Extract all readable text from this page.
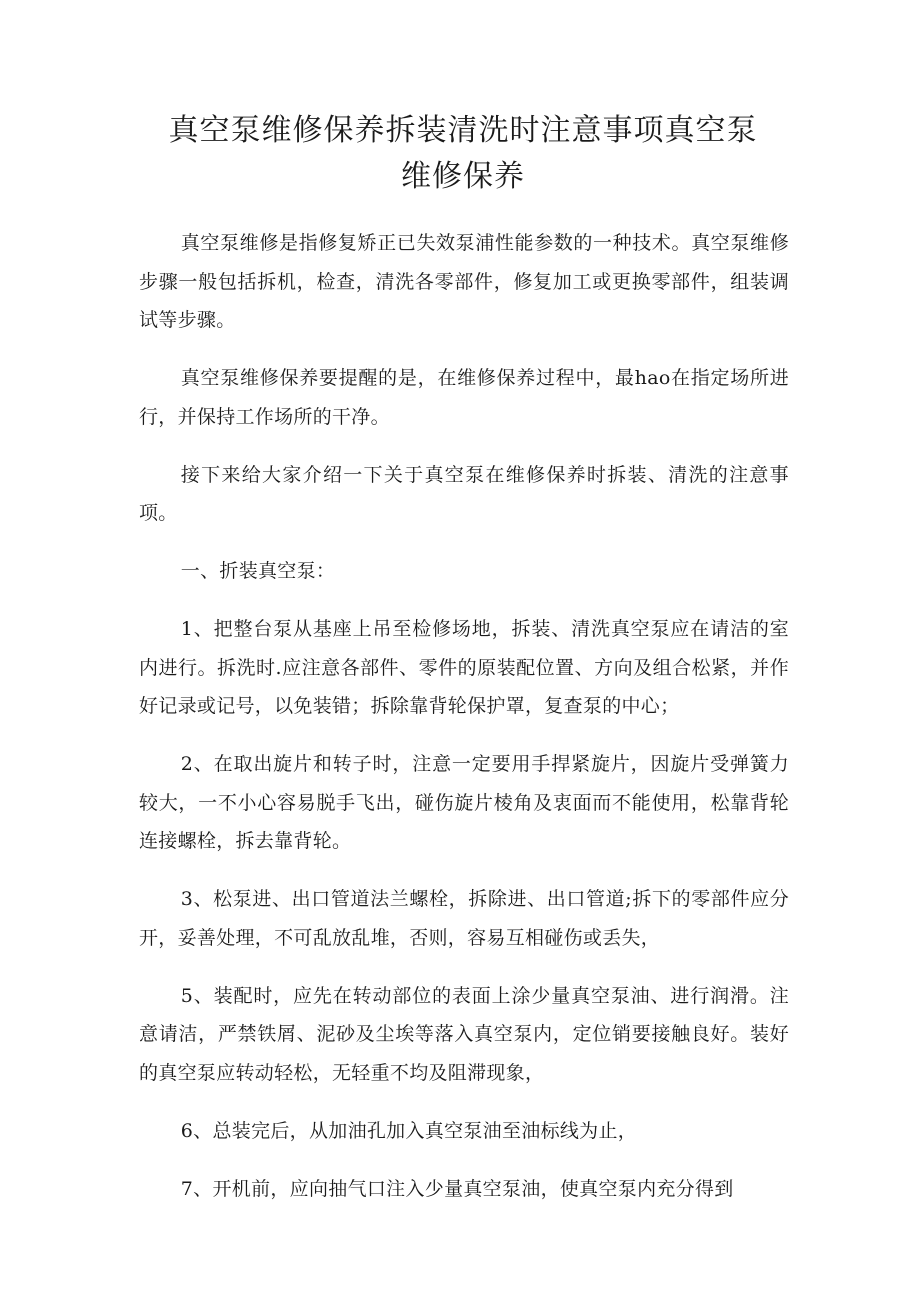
真空泵维修保养拆装清洗时注意事项真空泵
维修保养

真空泵维修是指修复矫正已失效泵浦性能参数的一种技术。真空泵维修步骤一般包括拆机，检查，清洗各零部件，修复加工或更换零部件，组装调试等步骤。

真空泵维修保养要提醒的是，在维修保养过程中，最hao在指定场所进行，并保持工作场所的干净。

接下来给大家介绍一下关于真空泵在维修保养时拆装、清洗的注意事项。

一、折装真空泵：

1、把整台泵从基座上吊至检修场地，拆装、清洗真空泵应在请洁的室内进行。拆洗时.应注意各部件、零件的原装配位置、方向及组合松紧，并作好记录或记号，以免装错；拆除靠背轮保护罩，复查泵的中心；

2、在取出旋片和转子时，注意一定要用手捍紧旋片，因旋片受弹簧力较大，一不小心容易脱手飞出，碰伤旋片棱角及衷面而不能使用，松靠背轮连接螺栓，拆去靠背轮。

3、松泵进、出口管道法兰螺栓，拆除进、出口管道;拆下的零部件应分开，妥善处理，不可乱放乱堆，否则，容易互相碰伤或丢失，

5、装配时，应先在转动部位的表面上涂少量真空泵油、进行润滑。注意请洁，严禁铁屑、泥砂及尘埃等落入真空泵内，定位销要接触良好。装好的真空泵应转动轻松，无轻重不均及阻滞现象，

6、总装完后，从加油孔加入真空泵油至油标线为止，

7、开机前，应向抽气口注入少量真空泵油，使真空泵内充分得到
